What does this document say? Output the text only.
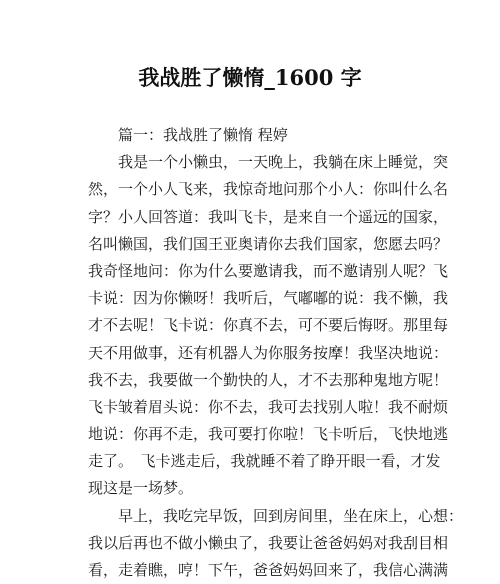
我战胜了懒惰_1600 字
　　篇一：我战胜了懒惰 程婷
　　我是一个小懒虫，一天晚上，我躺在床上睡觉，突
然，一个小人飞来，我惊奇地问那个小人：你叫什么名
字？小人回答道：我叫飞卡，是来自一个遥远的国家，
名叫懒国，我们国王亚奥请你去我们国家，您愿去吗？
我奇怪地问：你为什么要邀请我，而不邀请别人呢？飞
卡说：因为你懒呀！我听后，气嘟嘟的说：我不懒，我
才不去呢！飞卡说：你真不去，可不要后悔呀。那里每
天不用做事，还有机器人为你服务按摩！我坚决地说：
我不去，我要做一个勤快的人，才不去那种鬼地方呢！
飞卡皱着眉头说：你不去，我可去找别人啦！我不耐烦
地说：你再不走，我可要打你啦！飞卡听后，飞快地逃
走了。　飞卡逃走后，我就睡不着了睁开眼一看，才发
现这是一场梦。
　　早上，我吃完早饭，回到房间里，坐在床上，心想：
我以后再也不做小懒虫了，我要让爸爸妈妈对我刮目相
看，走着瞧，哼！下午，爸爸妈妈回来了，我信心满满
